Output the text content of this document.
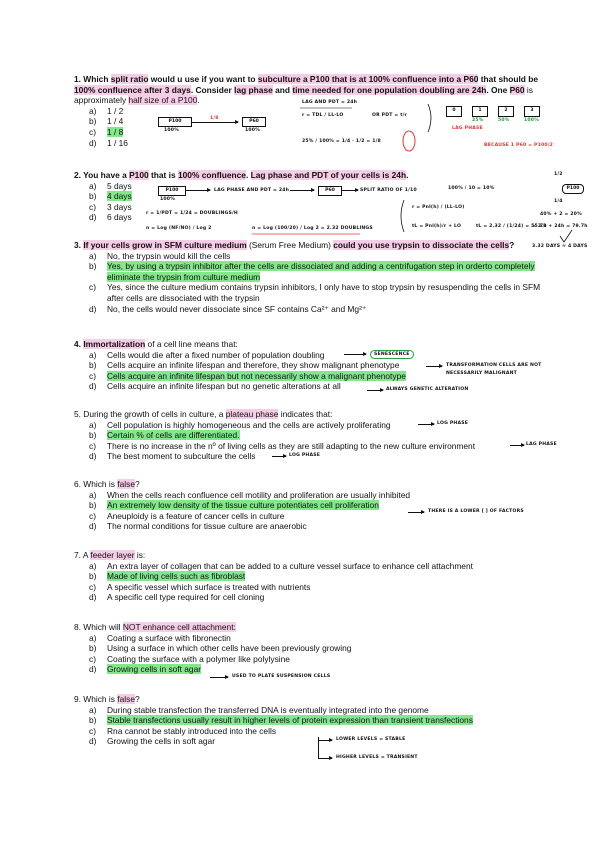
1. Which split ratio would u use if you want to subculture a P100 that is at 100% confluence into a P60 that should be 100% confluence after 3 days. Consider lag phase and time needed for one population doubling are 24h. One P60 is approximately half size of a P100.

a) 1 / 2
b) 1 / 4
c) 1 / 8
d) 1 / 16

2. You have a P100 that is 100% confluence. Lag phase and PDT of your cells is 24h.

a) 5 days
b) 4 days
c) 3 days
d) 6 days

3. If your cells grow in SFM culture medium (Serum Free Medium) could you use trypsin to dissociate the cells?

a) No, the trypsin would kill the cells
b) Yes, by using a trypsin inhibitor after the cells are dissociated and adding a centrifugation step in orderto completely eliminate the trypsin from culture medium
c) Yes, since the culture medium contains trypsin inhibitors, I only have to stop trypsin by resuspending the cells in SFM after cells are dissociated with the trypsin
d) No, the cells would never dissociate since SF contains Ca²⁺ and Mg²⁺

4. Immortalization of a cell line means that:

a) Cells would die after a fixed number of population doubling
b) Cells acquire an infinite lifespan and therefore, they show malignant phenotype
c) Cells acquire an infinite lifespan but not necessarily show a malignant phenotype
d) Cells acquire an infinite lifespan but no genetic alterations at all

5. During the growth of cells in culture, a plateau phase indicates that:

a) Cell population is highly homogeneous and the cells are actively proliferating
b) Certain % of cells are differentiated.
c) There is no increase in the nº of living cells as they are still adapting to the new culture environment
d) The best moment to subculture the cells

6. Which is false?

a) When the cells reach confluence cell motility and proliferation are usually inhibited
b) An extremely low density of the tissue culture potentiates cell proliferation
c) Aneuploidy is a feature of cancer cells in culture
d) The normal conditions for tissue culture are anaerobic

7. A feeder layer is:

a) An extra layer of collagen that can be added to a culture vessel surface to enhance cell attachment
b) Made of living cells such as fibroblast
c) A specific vessel which surface is treated with nutrients
d) A specific cell type required for cell cloning

8. Which will NOT enhance cell attachment:

a) Coating a surface with fibronectin
b) Using a surface in which other cells have been previously growing
c) Coating the surface with a polymer like polylysine
d) Growing cells in soft agar

9. Which is false?

a) During stable transfection the transferred DNA is eventually integrated into the genome
b) Stable transfections usually result in higher levels of protein expression than transient transfections
c) Rna cannot be stably introduced into the cells
d) Growing the cells in soft agar
P100
100%
1/8
P60
100%
LAG AND PDT = 24h
r = TDL / LL-LO	OR PDT = t/r
25% / 100% = 1/4 · 1/2 = 1/8
BECAUSE 1 P60 = P100/2
0	1	2	3
25%	50%	100%
LAG PHASE
P100
100%
LAG PHASE AND PDT = 24h	P60	SPLIT RATIO OF 1/10	100% / 10 = 10%	P100
1/2
1/4
r = 1/PDT = 1/24 = DOUBLINGS/H
n = Log (NF/NO) / Log 2	n = Log (100/20) / Log 2 = 2.32 DOUBLINGS
r = Pnl(h) / (LL-LO)
tL = Pnl(h)/r + LO	tL = 2.32 / (1/24) = 55.7h
40% + 2 = 20%
= 3.3 + 24h = 79.7h
3.32 DAYS ≈ 4 DAYS
SENESCENCE
TRANSFORMATION CELLS ARE NOT NECESSARILY MALIGNANT
ALWAYS GENETIC ALTERATION
LOG PHASE
LAG PHASE
LOG PHASE
THERE IS A LOWER [ ] OF FACTORS
USED TO PLATE SUSPENSION CELLS
LOWER LEVELS = STABLE
HIGHER LEVELS = TRANSIENT
